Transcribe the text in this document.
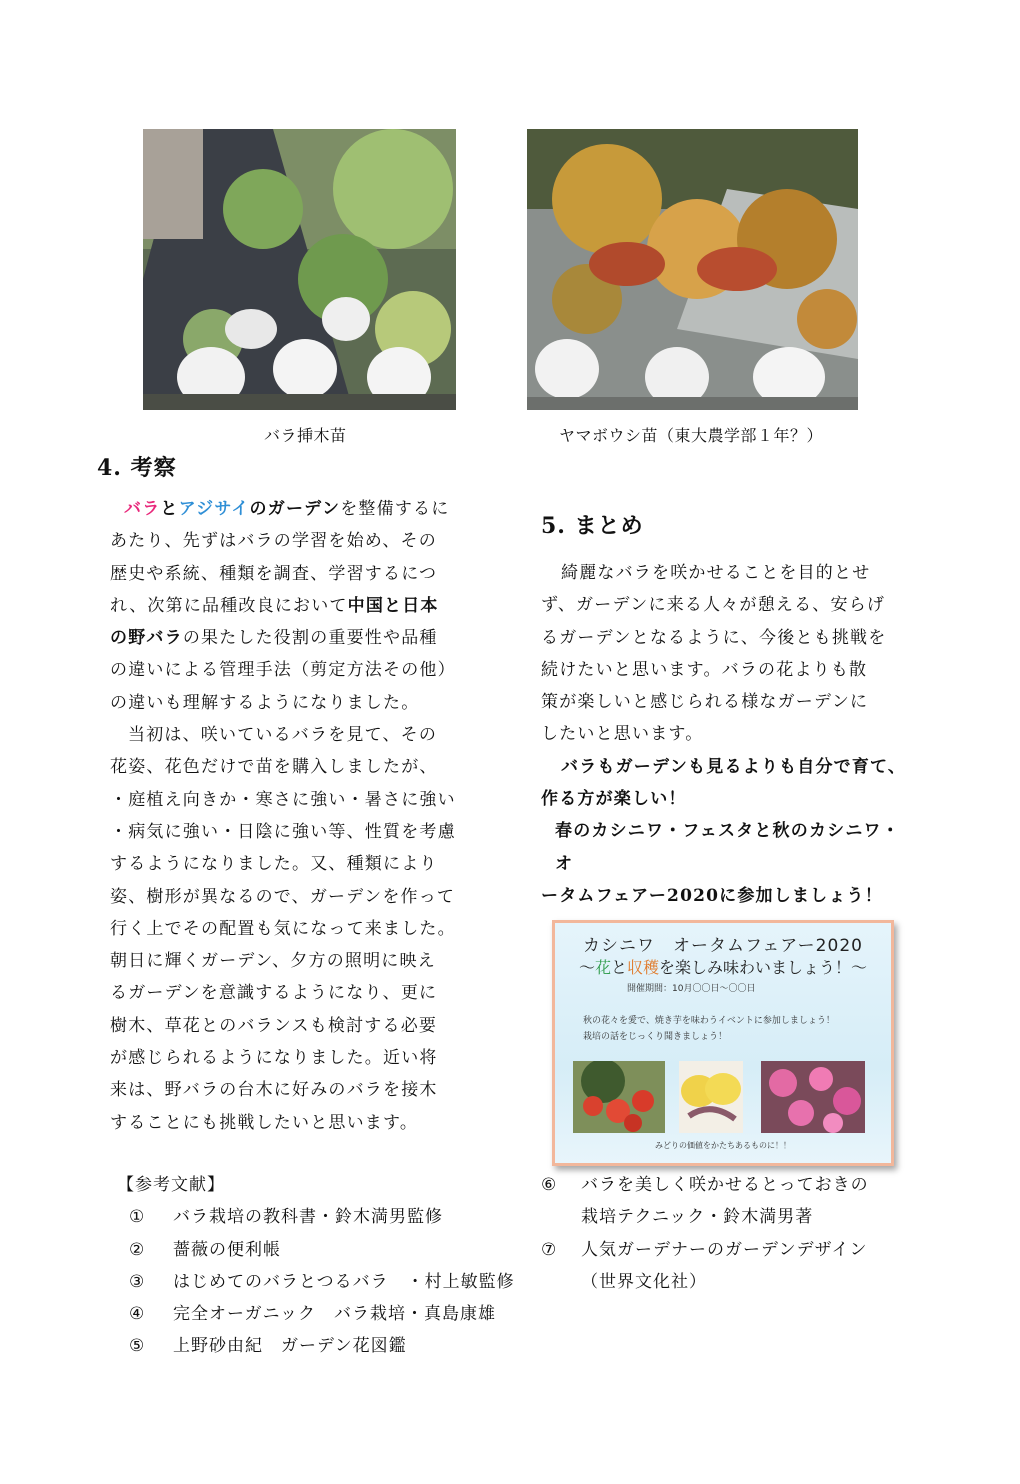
バラ挿木苗	ヤマボウシ苗（東大農学部１年？）
4. 考察

バラとアジサイのガーデンを整備するに

あたり、先ずはバラの学習を始め、その

歴史や系統、種類を調査、学習するにつ

れ、次第に品種改良において中国と日本

の野バラの果たした役割の重要性や品種

の違いによる管理手法（剪定方法その他）

の違いも理解するようになりました。

当初は、咲いているバラを見て、その

花姿、花色だけで苗を購入しましたが、

・庭植え向きか・寒さに強い・暑さに強い

・病気に強い・日陰に強い等、性質を考慮

するようになりました。又、種類により

姿、樹形が異なるので、ガーデンを作って

行く上でその配置も気になって来ました。

朝日に輝くガーデン、夕方の照明に映え

るガーデンを意識するようになり、更に

樹木、草花とのバランスも検討する必要

が感じられるようになりました。近い将

来は、野バラの台木に好みのバラを接木

することにも挑戦したいと思います。

5. まとめ

綺麗なバラを咲かせることを目的とせ

ず、ガーデンに来る人々が憩える、安らげ

るガーデンとなるように、今後とも挑戦を

続けたいと思います。バラの花よりも散

策が楽しいと感じられる様なガーデンに

したいと思います。

バラもガーデンも見るよりも自分で育て、

作る方が楽しい！

春のカシニワ・フェスタと秋のカシニワ・オ

ータムフェアー2020に参加しましょう！

カシニワ　オータムフェアー2020
～花と収穫を楽しみ味わいましょう！～
開催期間：10月〇〇日～〇〇日
秋の花々を愛で、焼き芋を味わうイベントに参加しましょう！
栽培の話をじっくり聞きましょう！
みどりの価値をかたちあるものに！！
【参考文献】
①	バラ栽培の教科書・鈴木満男監修
②	薔薇の便利帳
③	はじめてのバラとつるバラ　・村上敏監修
④	完全オーガニック　バラ栽培・真島康雄
⑤	上野砂由紀　ガーデン花図鑑
⑥	バラを美しく咲かせるとっておきの
栽培テクニック・鈴木満男著
⑦	人気ガーデナーのガーデンデザイン
（世界文化社）
